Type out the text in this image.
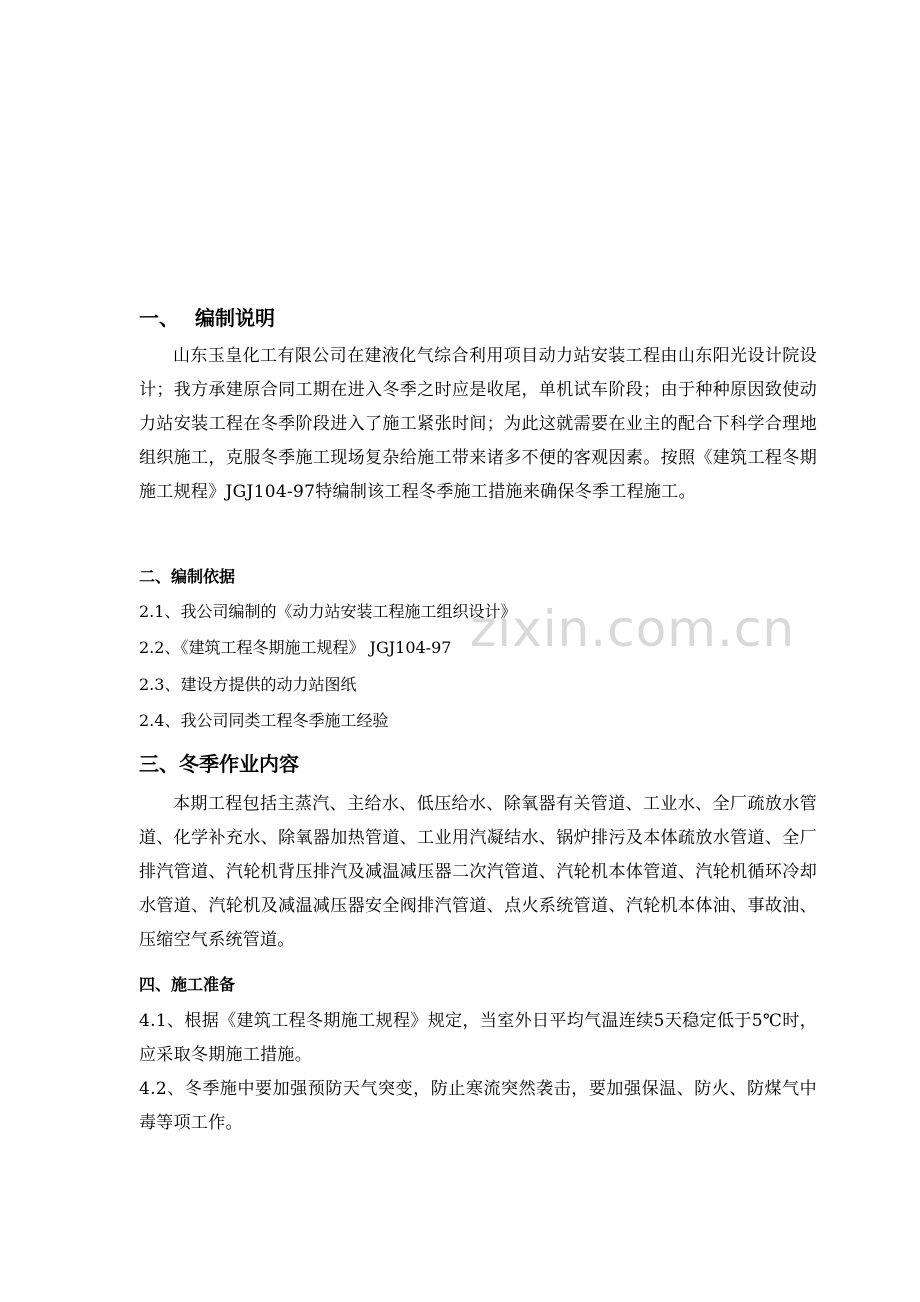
zixin.com.cn
一、 编制说明

山东玉皇化工有限公司在建液化气综合利用项目动力站安装工程由山东阳光设计院设计；我方承建原合同工期在进入冬季之时应是收尾，单机试车阶段；由于种种原因致使动力站安装工程在冬季阶段进入了施工紧张时间；为此这就需要在业主的配合下科学合理地组织施工，克服冬季施工现场复杂给施工带来诸多不便的客观因素。按照《建筑工程冬期施工规程》JGJ104-97特编制该工程冬季施工措施来确保冬季工程施工。

二、编制依据
2.1、我公司编制的《动力站安装工程施工组织设计》
2.2、《建筑工程冬期施工规程》 JGJ104-97
2.3、建设方提供的动力站图纸
2.4、我公司同类工程冬季施工经验
三、冬季作业内容

本期工程包括主蒸汽、主给水、低压给水、除氧器有关管道、工业水、全厂疏放水管道、化学补充水、除氧器加热管道、工业用汽凝结水、锅炉排污及本体疏放水管道、全厂排汽管道、汽轮机背压排汽及减温减压器二次汽管道、汽轮机本体管道、汽轮机循环冷却水管道、汽轮机及减温减压器安全阀排汽管道、点火系统管道、汽轮机本体油、事故油、压缩空气系统管道。

四、施工准备

4.1、根据《建筑工程冬期施工规程》规定，当室外日平均气温连续5天稳定低于5℃时，应采取冬期施工措施。

4.2、冬季施中要加强预防天气突变，防止寒流突然袭击，要加强保温、防火、防煤气中毒等项工作。
